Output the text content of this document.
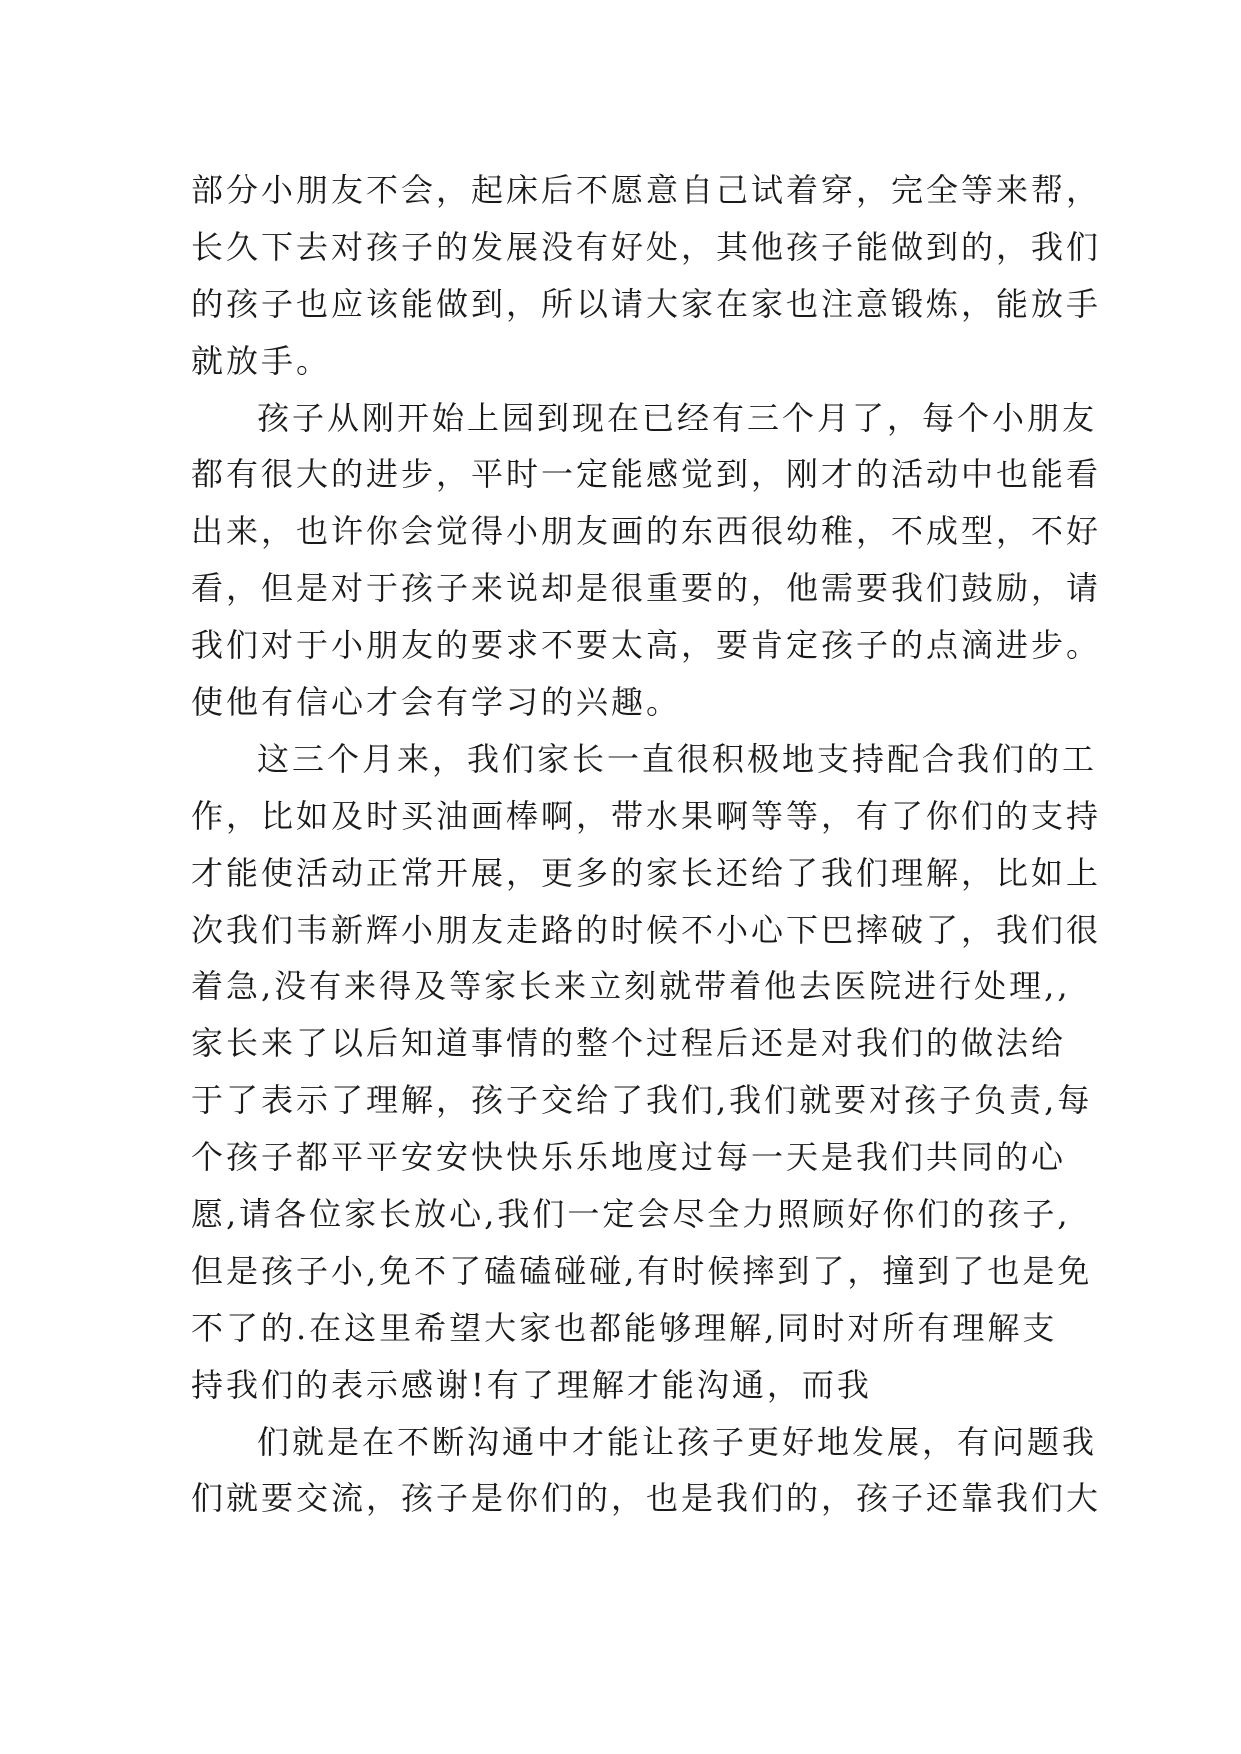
部分小朋友不会，起床后不愿意自己试着穿，完全等来帮，
长久下去对孩子的发展没有好处，其他孩子能做到的，我们
的孩子也应该能做到，所以请大家在家也注意锻炼，能放手
就放手。
孩子从刚开始上园到现在已经有三个月了，每个小朋友
都有很大的进步，平时一定能感觉到，刚才的活动中也能看
出来，也许你会觉得小朋友画的东西很幼稚，不成型，不好
看，但是对于孩子来说却是很重要的，他需要我们鼓励，请
我们对于小朋友的要求不要太高，要肯定孩子的点滴进步。
使他有信心才会有学习的兴趣。
这三个月来，我们家长一直很积极地支持配合我们的工
作，比如及时买油画棒啊，带水果啊等等，有了你们的支持
才能使活动正常开展，更多的家长还给了我们理解，比如上
次我们韦新辉小朋友走路的时候不小心下巴摔破了，我们很
着急,没有来得及等家长来立刻就带着他去医院进行处理,,
家长来了以后知道事情的整个过程后还是对我们的做法给
于了表示了理解，孩子交给了我们,我们就要对孩子负责,每
个孩子都平平安安快快乐乐地度过每一天是我们共同的心
愿,请各位家长放心,我们一定会尽全力照顾好你们的孩子,
但是孩子小,免不了磕磕碰碰,有时候摔到了，撞到了也是免
不了的.在这里希望大家也都能够理解,同时对所有理解支
持我们的表示感谢!有了理解才能沟通，而我
们就是在不断沟通中才能让孩子更好地发展，有问题我
们就要交流，孩子是你们的，也是我们的，孩子还靠我们大
